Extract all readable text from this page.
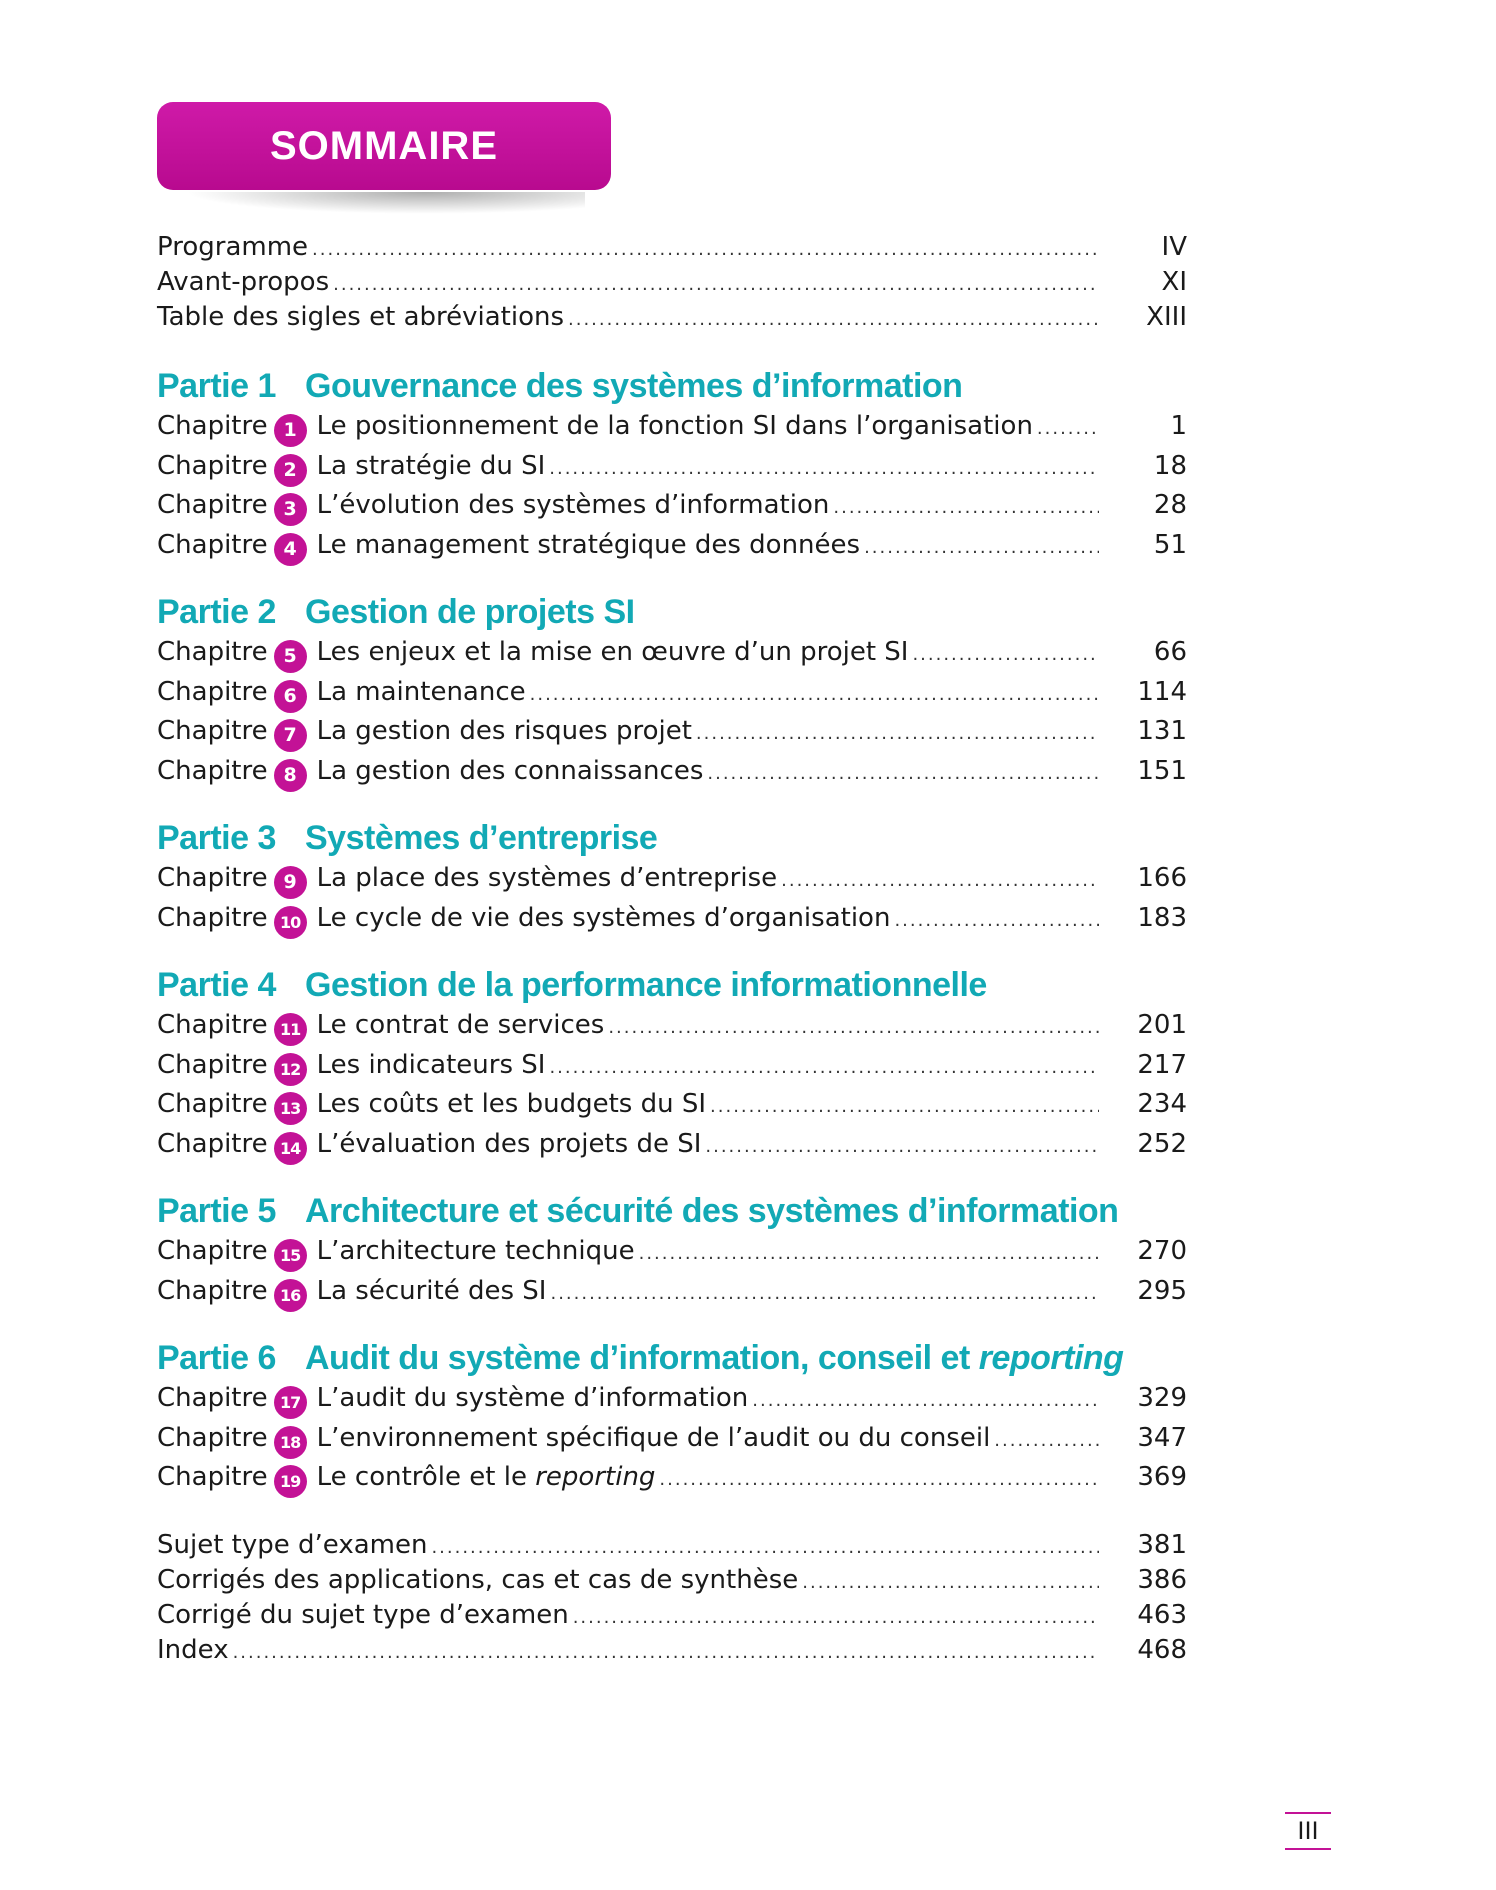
SOMMAIRE
Programme .....	IV
Avant-propos .....	XI
Table des sigles et abréviations .....	XIII
Partie 1 Gouvernance des systèmes d’information
Chapitre 1 Le positionnement de la fonction SI dans l’organisation .....	1
Chapitre 2 La stratégie du SI .....	18
Chapitre 3 L’évolution des systèmes d’information .....	28
Chapitre 4 Le management stratégique des données .....	51
Partie 2 Gestion de projets SI
Chapitre 5 Les enjeux et la mise en œuvre d’un projet SI .....	66
Chapitre 6 La maintenance .....	114
Chapitre 7 La gestion des risques projet .....	131
Chapitre 8 La gestion des connaissances .....	151
Partie 3 Systèmes d’entreprise
Chapitre 9 La place des systèmes d’entreprise .....	166
Chapitre 10 Le cycle de vie des systèmes d’organisation .....	183
Partie 4 Gestion de la performance informationnelle
Chapitre 11 Le contrat de services .....	201
Chapitre 12 Les indicateurs SI .....	217
Chapitre 13 Les coûts et les budgets du SI .....	234
Chapitre 14 L’évaluation des projets de SI .....	252
Partie 5 Architecture et sécurité des systèmes d’information
Chapitre 15 L’architecture technique .....	270
Chapitre 16 La sécurité des SI .....	295
Partie 6 Audit du système d’information, conseil et reporting
Chapitre 17 L’audit du système d’information .....	329
Chapitre 18 L’environnement spécifique de l’audit ou du conseil .....	347
Chapitre 19 Le contrôle et le reporting .....	369
Sujet type d’examen .....	381
Corrigés des applications, cas et cas de synthèse .....	386
Corrigé du sujet type d’examen .....	463
Index .....	468
III
